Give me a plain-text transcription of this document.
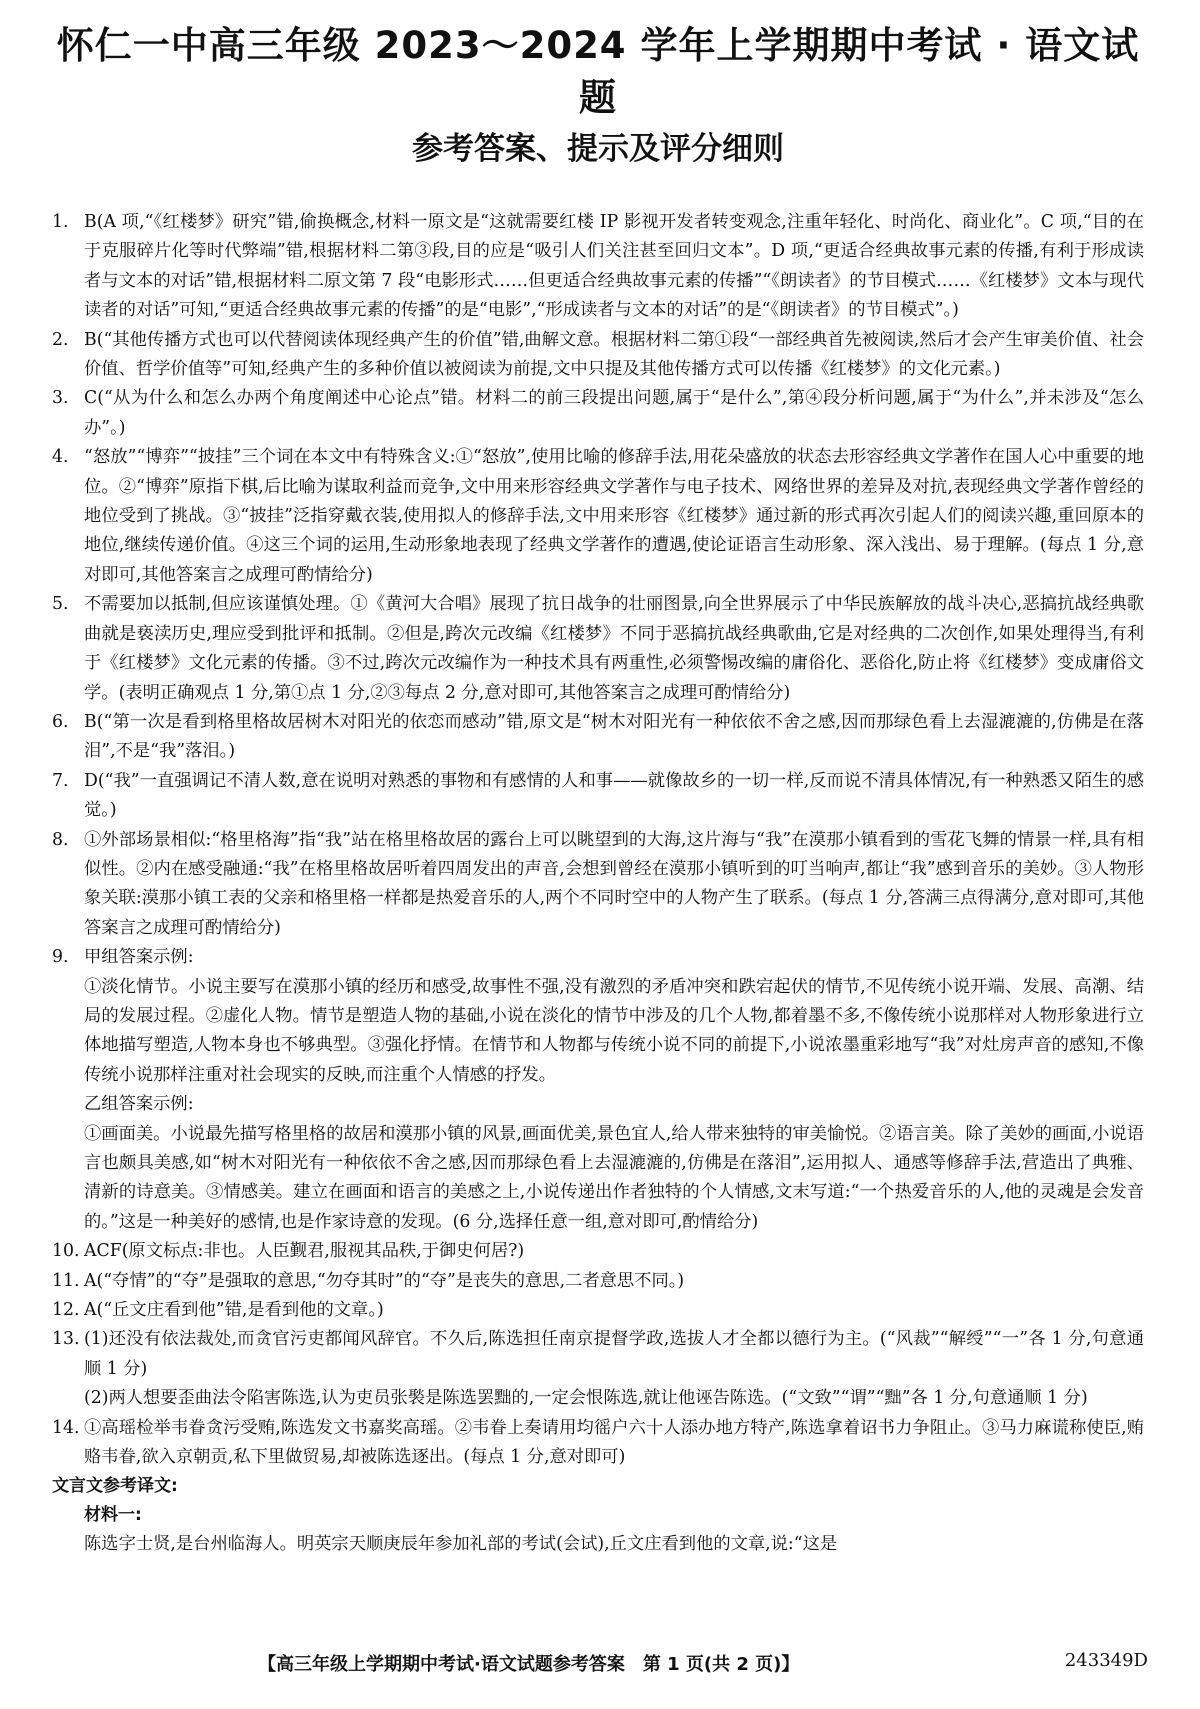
怀仁一中高三年级 2023～2024 学年上学期期中考试 · 语文试题
参考答案、提示及评分细则
1. B(A 项,“《红楼梦》研究”错,偷换概念,材料一原文是“这就需要红楼 IP 影视开发者转变观念,注重年轻化、时尚化、商业化”。C 项,“目的在于克服碎片化等时代弊端”错,根据材料二第③段,目的应是“吸引人们关注甚至回归文本”。D 项,“更适合经典故事元素的传播,有利于形成读者与文本的对话”错,根据材料二原文第 7 段“电影形式……但更适合经典故事元素的传播”“《朗读者》的节目模式……《红楼梦》文本与现代读者的对话”可知,“更适合经典故事元素的传播”的是“电影”,“形成读者与文本的对话”的是“《朗读者》的节目模式”。)

2. B(“其他传播方式也可以代替阅读体现经典产生的价值”错,曲解文意。根据材料二第①段“一部经典首先被阅读,然后才会产生审美价值、社会价值、哲学价值等”可知,经典产生的多种价值以被阅读为前提,文中只提及其他传播方式可以传播《红楼梦》的文化元素。)

3. C(“从为什么和怎么办两个角度阐述中心论点”错。材料二的前三段提出问题,属于“是什么”,第④段分析问题,属于“为什么”,并未涉及“怎么办”。)

4. “怒放”“博弈”“披挂”三个词在本文中有特殊含义:①“怒放”,使用比喻的修辞手法,用花朵盛放的状态去形容经典文学著作在国人心中重要的地位。②“博弈”原指下棋,后比喻为谋取利益而竞争,文中用来形容经典文学著作与电子技术、网络世界的差异及对抗,表现经典文学著作曾经的地位受到了挑战。③“披挂”泛指穿戴衣装,使用拟人的修辞手法,文中用来形容《红楼梦》通过新的形式再次引起人们的阅读兴趣,重回原本的地位,继续传递价值。④这三个词的运用,生动形象地表现了经典文学著作的遭遇,使论证语言生动形象、深入浅出、易于理解。(每点 1 分,意对即可,其他答案言之成理可酌情给分)

5. 不需要加以抵制,但应该谨慎处理。①《黄河大合唱》展现了抗日战争的壮丽图景,向全世界展示了中华民族解放的战斗决心,恶搞抗战经典歌曲就是亵渎历史,理应受到批评和抵制。②但是,跨次元改编《红楼梦》不同于恶搞抗战经典歌曲,它是对经典的二次创作,如果处理得当,有利于《红楼梦》文化元素的传播。③不过,跨次元改编作为一种技术具有两重性,必须警惕改编的庸俗化、恶俗化,防止将《红楼梦》变成庸俗文学。(表明正确观点 1 分,第①点 1 分,②③每点 2 分,意对即可,其他答案言之成理可酌情给分)

6. B(“第一次是看到格里格故居树木对阳光的依恋而感动”错,原文是“树木对阳光有一种依依不舍之感,因而那绿色看上去湿漉漉的,仿佛是在落泪”,不是“我”落泪。)

7. D(“我”一直强调记不清人数,意在说明对熟悉的事物和有感情的人和事——就像故乡的一切一样,反而说不清具体情况,有一种熟悉又陌生的感觉。)

8. ①外部场景相似:“格里格海”指“我”站在格里格故居的露台上可以眺望到的大海,这片海与“我”在漠那小镇看到的雪花飞舞的情景一样,具有相似性。②内在感受融通:“我”在格里格故居听着四周发出的声音,会想到曾经在漠那小镇听到的叮当响声,都让“我”感到音乐的美妙。③人物形象关联:漠那小镇工表的父亲和格里格一样都是热爱音乐的人,两个不同时空中的人物产生了联系。(每点 1 分,答满三点得满分,意对即可,其他答案言之成理可酌情给分)

9. 甲组答案示例:

①淡化情节。小说主要写在漠那小镇的经历和感受,故事性不强,没有激烈的矛盾冲突和跌宕起伏的情节,不见传统小说开端、发展、高潮、结局的发展过程。②虚化人物。情节是塑造人物的基础,小说在淡化的情节中涉及的几个人物,都着墨不多,不像传统小说那样对人物形象进行立体地描写塑造,人物本身也不够典型。③强化抒情。在情节和人物都与传统小说不同的前提下,小说浓墨重彩地写“我”对灶房声音的感知,不像传统小说那样注重对社会现实的反映,而注重个人情感的抒发。

乙组答案示例:

①画面美。小说最先描写格里格的故居和漠那小镇的风景,画面优美,景色宜人,给人带来独特的审美愉悦。②语言美。除了美妙的画面,小说语言也颇具美感,如“树木对阳光有一种依依不舍之感,因而那绿色看上去湿漉漉的,仿佛是在落泪”,运用拟人、通感等修辞手法,营造出了典雅、清新的诗意美。③情感美。建立在画面和语言的美感之上,小说传递出作者独特的个人情感,文末写道:“一个热爱音乐的人,他的灵魂是会发音的。”这是一种美好的感情,也是作家诗意的发现。(6 分,选择任意一组,意对即可,酌情给分)

10. ACF(原文标点:非也。人臣觐君,服视其品秩,于御史何居?)

11. A(“夺情”的“夺”是强取的意思,“勿夺其时”的“夺”是丧失的意思,二者意思不同。)

12. A(“丘文庄看到他”错,是看到他的文章。)

13. (1)还没有依法裁处,而贪官污吏都闻风辞官。不久后,陈选担任南京提督学政,选拔人才全都以德行为主。(“风裁”“解绶”“一”各 1 分,句意通顺 1 分)

(2)两人想要歪曲法令陷害陈选,认为吏员张褧是陈选罢黜的,一定会恨陈选,就让他诬告陈选。(“文致”“谓”“黜”各 1 分,句意通顺 1 分)

14. ①高瑶检举韦眷贪污受贿,陈选发文书嘉奖高瑶。②韦眷上奏请用均徭户六十人添办地方特产,陈选拿着诏书力争阻止。③马力麻谎称使臣,贿赂韦眷,欲入京朝贡,私下里做贸易,却被陈选逐出。(每点 1 分,意对即可)

文言文参考译文:

材料一:

陈选字士贤,是台州临海人。明英宗天顺庚辰年参加礼部的考试(会试),丘文庄看到他的文章,说:“这是

【高三年级上学期期中考试·语文试题参考答案　第 1 页(共 2 页)】	243349D
